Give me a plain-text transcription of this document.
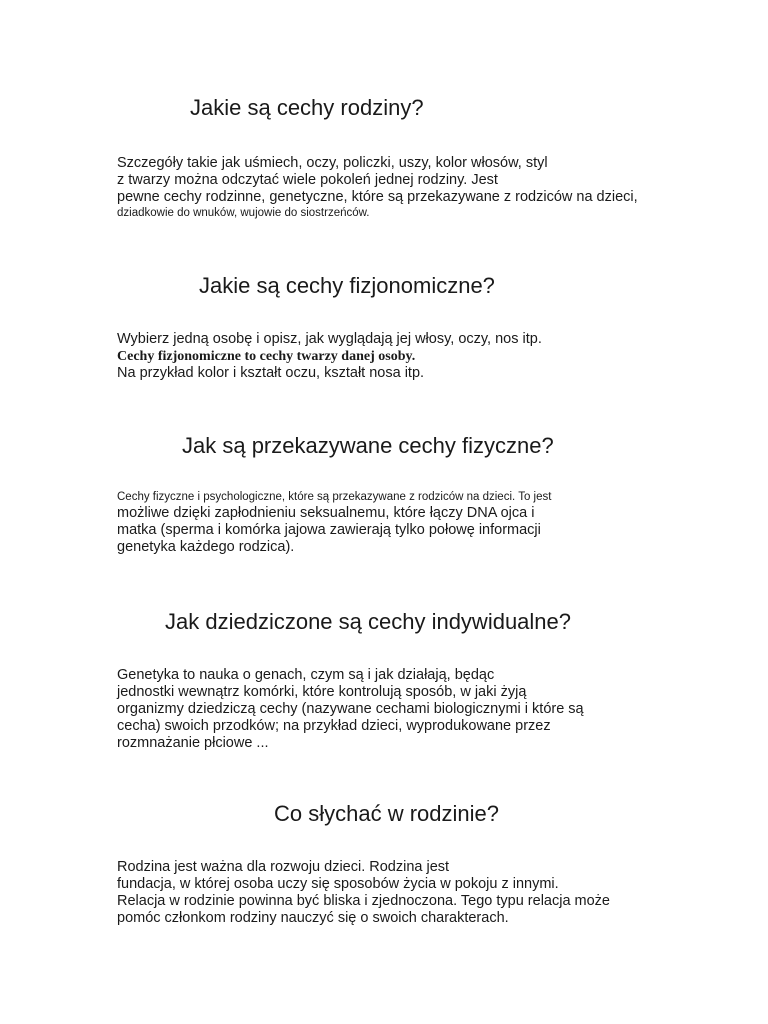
Jakie są cechy rodziny?
Szczegóły takie jak uśmiech, oczy, policzki, uszy, kolor włosów, styl
z twarzy można odczytać wiele pokoleń jednej rodziny. Jest
pewne cechy rodzinne, genetyczne, które są przekazywane z rodziców na dzieci,
dziadkowie do wnuków, wujowie do siostrzeńców.
Jakie są cechy fizjonomiczne?
Wybierz jedną osobę i opisz, jak wyglądają jej włosy, oczy, nos itp.
Cechy fizjonomiczne to cechy twarzy danej osoby.
Na przykład kolor i kształt oczu, kształt nosa itp.
Jak są przekazywane cechy fizyczne?
Cechy fizyczne i psychologiczne, które są przekazywane z rodziców na dzieci. To jest
możliwe dzięki zapłodnieniu seksualnemu, które łączy DNA ojca i
matka (sperma i komórka jajowa zawierają tylko połowę informacji
genetyka każdego rodzica).
Jak dziedziczone są cechy indywidualne?
Genetyka to nauka o genach, czym są i jak działają, będąc
jednostki wewnątrz komórki, które kontrolują sposób, w jaki żyją
organizmy dziedziczą cechy (nazywane cechami biologicznymi i które są
cecha) swoich przodków; na przykład dzieci, wyprodukowane przez
rozmnażanie płciowe ...
Co słychać w rodzinie?
Rodzina jest ważna dla rozwoju dzieci. Rodzina jest
fundacja, w której osoba uczy się sposobów życia w pokoju z innymi.
Relacja w rodzinie powinna być bliska i zjednoczona. Tego typu relacja może
pomóc członkom rodziny nauczyć się o swoich charakterach.
